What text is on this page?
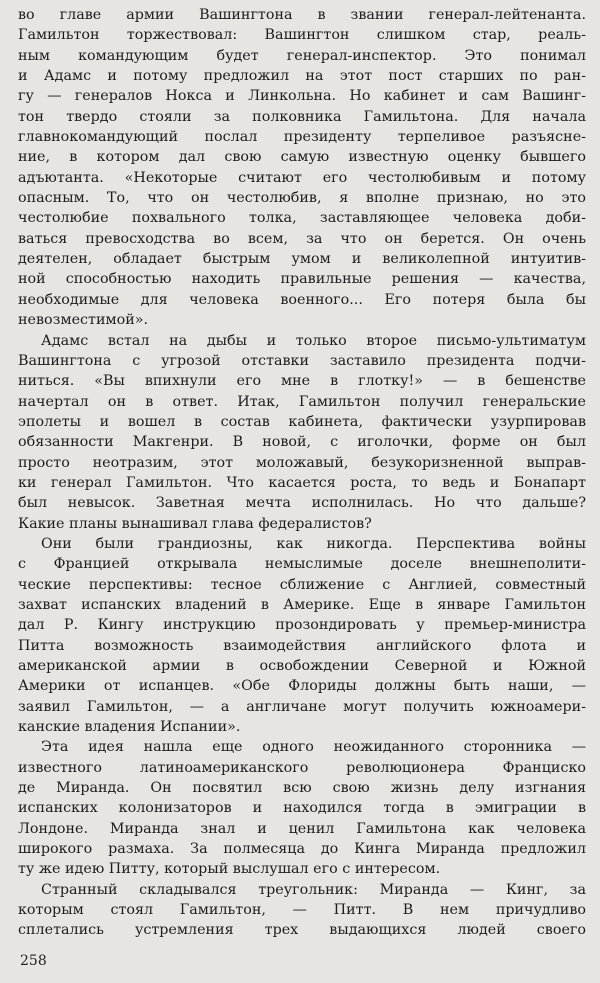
во главе армии Вашингтона в звании генерал-лейтенанта.
Гамильтон торжествовал: Вашингтон слишком стар, реаль-
ным командующим будет генерал-инспектор. Это понимал
и Адамс и потому предложил на этот пост старших по ран-
гу — генералов Нокса и Линкольна. Но кабинет и сам Вашинг-
тон твердо стояли за полковника Гамильтона. Для начала
главнокомандующий послал президенту терпеливое разъясне-
ние, в котором дал свою самую известную оценку бывшего
адъютанта. «Некоторые считают его честолюбивым и потому
опасным. То, что он честолюбив, я вполне признаю, но это
честолюбие похвального толка, заставляющее человека доби-
ваться превосходства во всем, за что он берется. Он очень
деятелен, обладает быстрым умом и великолепной интуитив-
ной способностью находить правильные решения — качества,
необходимые для человека военного... Его потеря была бы
невозместимой».
Адамс встал на дыбы и только второе письмо-ультиматум
Вашингтона с угрозой отставки заставило президента подчи-
ниться. «Вы впихнули его мне в глотку!» — в бешенстве
начертал он в ответ. Итак, Гамильтон получил генеральские
эполеты и вошел в состав кабинета, фактически узурпировав
обязанности Макгенри. В новой, с иголочки, форме он был
просто неотразим, этот моложавый, безукоризненной выправ-
ки генерал Гамильтон. Что касается роста, то ведь и Бонапарт
был невысок. Заветная мечта исполнилась. Но что дальше?
Какие планы вынашивал глава федералистов?
Они были грандиозны, как никогда. Перспектива войны
с Францией открывала немыслимые доселе внешнеполити-
ческие перспективы: тесное сближение с Англией, совместный
захват испанских владений в Америке. Еще в январе Гамильтон
дал Р. Кингу инструкцию прозондировать у премьер-министра
Питта возможность взаимодействия английского флота и
американской армии в освобождении Северной и Южной
Америки от испанцев. «Обе Флориды должны быть наши, —
заявил Гамильтон, — а англичане могут получить южноамери-
канские владения Испании».
Эта идея нашла еще одного неожиданного сторонника —
известного латиноамериканского революционера Франциско
де Миранда. Он посвятил всю свою жизнь делу изгнания
испанских колонизаторов и находился тогда в эмиграции в
Лондоне. Миранда знал и ценил Гамильтона как человека
широкого размаха. За полмесяца до Кинга Миранда предложил
ту же идею Питту, который выслушал его с интересом.
Странный складывался треугольник: Миранда — Кинг, за
которым стоял Гамильтон, — Питт. В нем причудливо
сплетались устремления трех выдающихся людей своего
258
